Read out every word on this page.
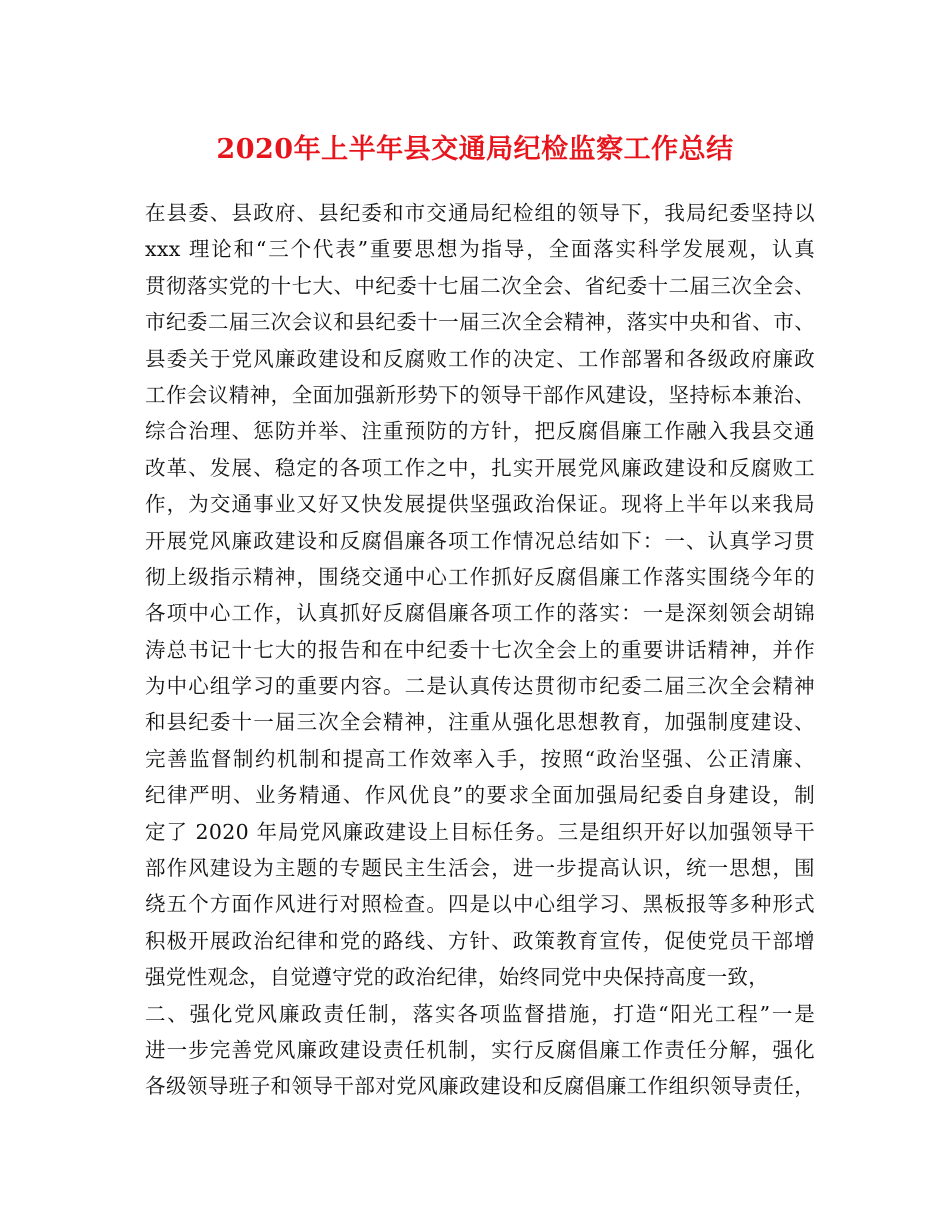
2020年上半年县交通局纪检监察工作总结
在县委、县政府、县纪委和市交通局纪检组的领导下，我局纪委坚持以
xxx 理论和“三个代表”重要思想为指导，全面落实科学发展观，认真
贯彻落实党的十七大、中纪委十七届二次全会、省纪委十二届三次全会、
市纪委二届三次会议和县纪委十一届三次全会精神，落实中央和省、市、
县委关于党风廉政建设和反腐败工作的决定、工作部署和各级政府廉政
工作会议精神，全面加强新形势下的领导干部作风建设，坚持标本兼治、
综合治理、惩防并举、注重预防的方针，把反腐倡廉工作融入我县交通
改革、发展、稳定的各项工作之中，扎实开展党风廉政建设和反腐败工
作，为交通事业又好又快发展提供坚强政治保证。现将上半年以来我局
开展党风廉政建设和反腐倡廉各项工作情况总结如下：一、认真学习贯
彻上级指示精神，围绕交通中心工作抓好反腐倡廉工作落实围绕今年的
各项中心工作，认真抓好反腐倡廉各项工作的落实：一是深刻领会胡锦
涛总书记十七大的报告和在中纪委十七次全会上的重要讲话精神，并作
为中心组学习的重要内容。二是认真传达贯彻市纪委二届三次全会精神
和县纪委十一届三次全会精神，注重从强化思想教育，加强制度建设、
完善监督制约机制和提高工作效率入手，按照“政治坚强、公正清廉、
纪律严明、业务精通、作风优良”的要求全面加强局纪委自身建设，制
定了 2020 年局党风廉政建设上目标任务。三是组织开好以加强领导干
部作风建设为主题的专题民主生活会，进一步提高认识，统一思想，围
绕五个方面作风进行对照检查。四是以中心组学习、黑板报等多种形式
积极开展政治纪律和党的路线、方针、政策教育宣传，促使党员干部增
强党性观念，自觉遵守党的政治纪律，始终同党中央保持高度一致，
二、强化党风廉政责任制，落实各项监督措施，打造“阳光工程”一是
进一步完善党风廉政建设责任机制，实行反腐倡廉工作责任分解，强化
各级领导班子和领导干部对党风廉政建设和反腐倡廉工作组织领导责任，
